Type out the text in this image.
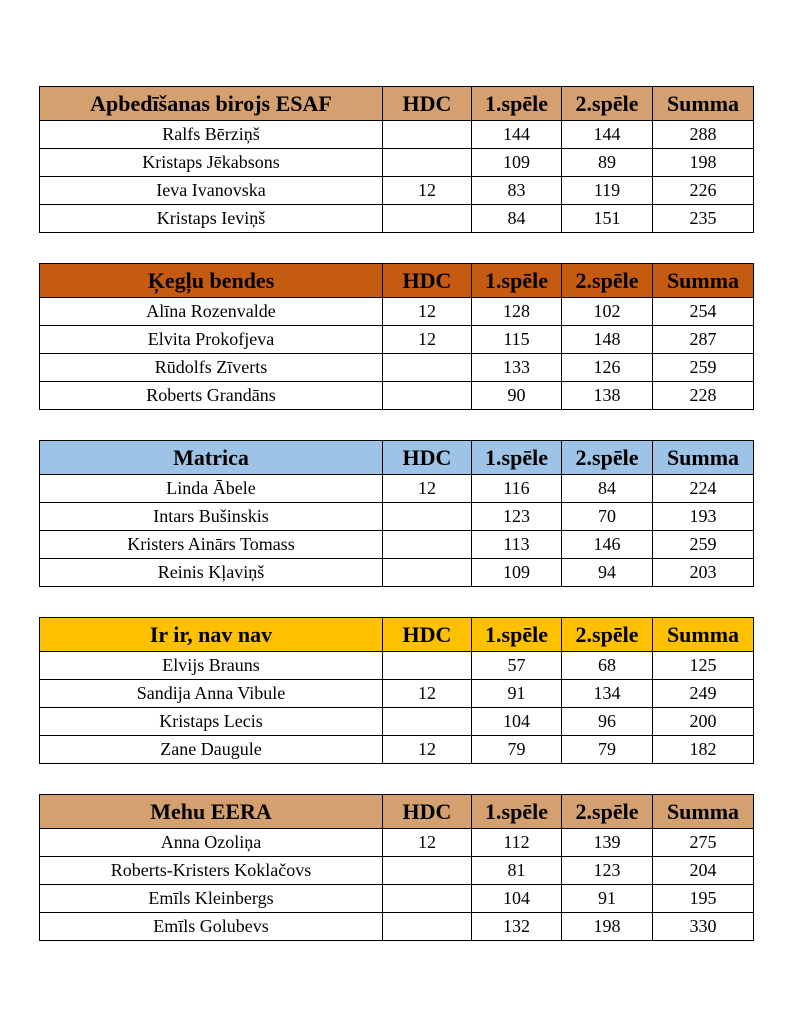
Apbedīšanas birojs ESAF	HDC	1.spēle	2.spēle	Summa
Ralfs Bērziņš		144	144	288
Kristaps Jēkabsons		109	89	198
Ieva Ivanovska	12	83	119	226
Kristaps Ieviņš		84	151	235
Ķegļu bendes	HDC	1.spēle	2.spēle	Summa
Alīna Rozenvalde	12	128	102	254
Elvita Prokofjeva	12	115	148	287
Rūdolfs Zīverts		133	126	259
Roberts Grandāns		90	138	228
Matrica	HDC	1.spēle	2.spēle	Summa
Linda Ābele	12	116	84	224
Intars Bušinskis		123	70	193
Kristers Ainārs Tomass		113	146	259
Reinis Kļaviņš		109	94	203
Ir ir, nav nav	HDC	1.spēle	2.spēle	Summa
Elvijs Brauns		57	68	125
Sandija Anna Vibule	12	91	134	249
Kristaps Lecis		104	96	200
Zane Daugule	12	79	79	182
Mehu EERA	HDC	1.spēle	2.spēle	Summa
Anna Ozoliņa	12	112	139	275
Roberts-Kristers Koklačovs		81	123	204
Emīls Kleinbergs		104	91	195
Emīls Golubevs		132	198	330
